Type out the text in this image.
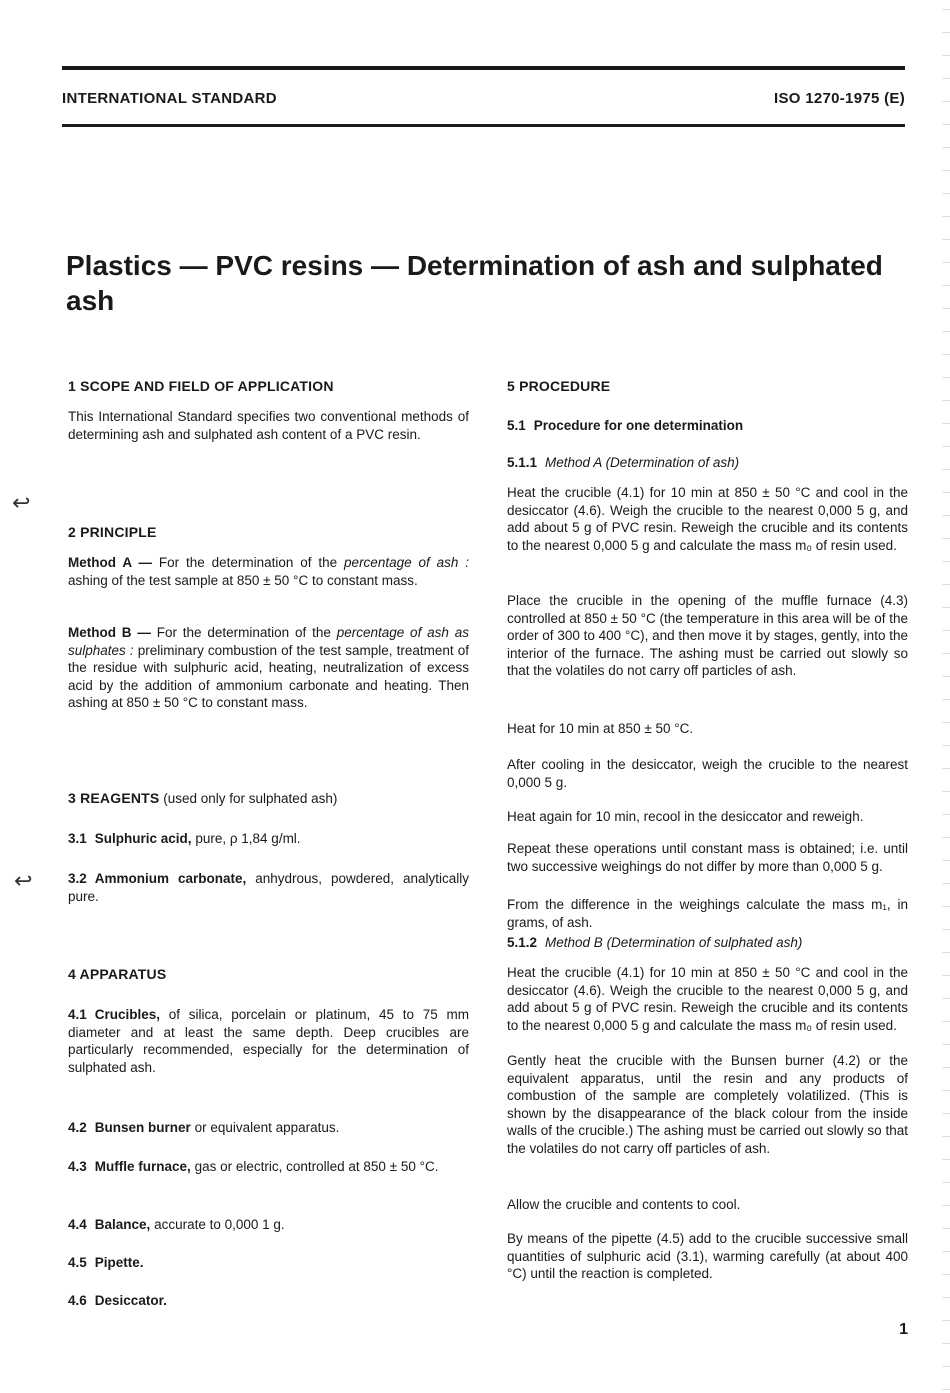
INTERNATIONAL STANDARD	ISO 1270-1975 (E)
Plastics — PVC resins — Determination of ash and sulphated ash
↩
↩
1 SCOPE AND FIELD OF APPLICATION

This International Standard specifies two conventional methods of determining ash and sulphated ash content of a PVC resin.

2 PRINCIPLE

Method A — For the determination of the percentage of ash : ashing of the test sample at 850 ± 50 °C to constant mass.

Method B — For the determination of the percentage of ash as sulphates : preliminary combustion of the test sample, treatment of the residue with sulphuric acid, heating, neutralization of excess acid by the addition of ammonium carbonate and heating. Then ashing at 850 ± 50 °C to constant mass.

3 REAGENTS (used only for sulphated ash)

3.1 Sulphuric acid, pure, ρ 1,84 g/ml.

3.2 Ammonium carbonate, anhydrous, powdered, analytically pure.

4 APPARATUS

4.1 Crucibles, of silica, porcelain or platinum, 45 to 75 mm diameter and at least the same depth. Deep crucibles are particularly recommended, especially for the determination of sulphated ash.

4.2 Bunsen burner or equivalent apparatus.

4.3 Muffle furnace, gas or electric, controlled at 850 ± 50 °C.

4.4 Balance, accurate to 0,000 1 g.

4.5 Pipette.

4.6 Desiccator.

5 PROCEDURE

5.1 Procedure for one determination

5.1.1 Method A (Determination of ash)

Heat the crucible (4.1) for 10 min at 850 ± 50 °C and cool in the desiccator (4.6). Weigh the crucible to the nearest 0,000 5 g, and add about 5 g of PVC resin. Reweigh the crucible and its contents to the nearest 0,000 5 g and calculate the mass m₀ of resin used.

Place the crucible in the opening of the muffle furnace (4.3) controlled at 850 ± 50 °C (the temperature in this area will be of the order of 300 to 400 °C), and then move it by stages, gently, into the interior of the furnace. The ashing must be carried out slowly so that the volatiles do not carry off particles of ash.

Heat for 10 min at 850 ± 50 °C.

After cooling in the desiccator, weigh the crucible to the nearest 0,000 5 g.

Heat again for 10 min, recool in the desiccator and reweigh.

Repeat these operations until constant mass is obtained; i.e. until two successive weighings do not differ by more than 0,000 5 g.

From the difference in the weighings calculate the mass m₁, in grams, of ash.

5.1.2 Method B (Determination of sulphated ash)

Heat the crucible (4.1) for 10 min at 850 ± 50 °C and cool in the desiccator (4.6). Weigh the crucible to the nearest 0,000 5 g, and add about 5 g of PVC resin. Reweigh the crucible and its contents to the nearest 0,000 5 g and calculate the mass m₀ of resin used.

Gently heat the crucible with the Bunsen burner (4.2) or the equivalent apparatus, until the resin and any products of combustion of the sample are completely volatilized. (This is shown by the disappearance of the black colour from the inside walls of the crucible.) The ashing must be carried out slowly so that the volatiles do not carry off particles of ash.

Allow the crucible and contents to cool.

By means of the pipette (4.5) add to the crucible successive small quantities of sulphuric acid (3.1), warming carefully (at about 400 °C) until the reaction is completed.

1
